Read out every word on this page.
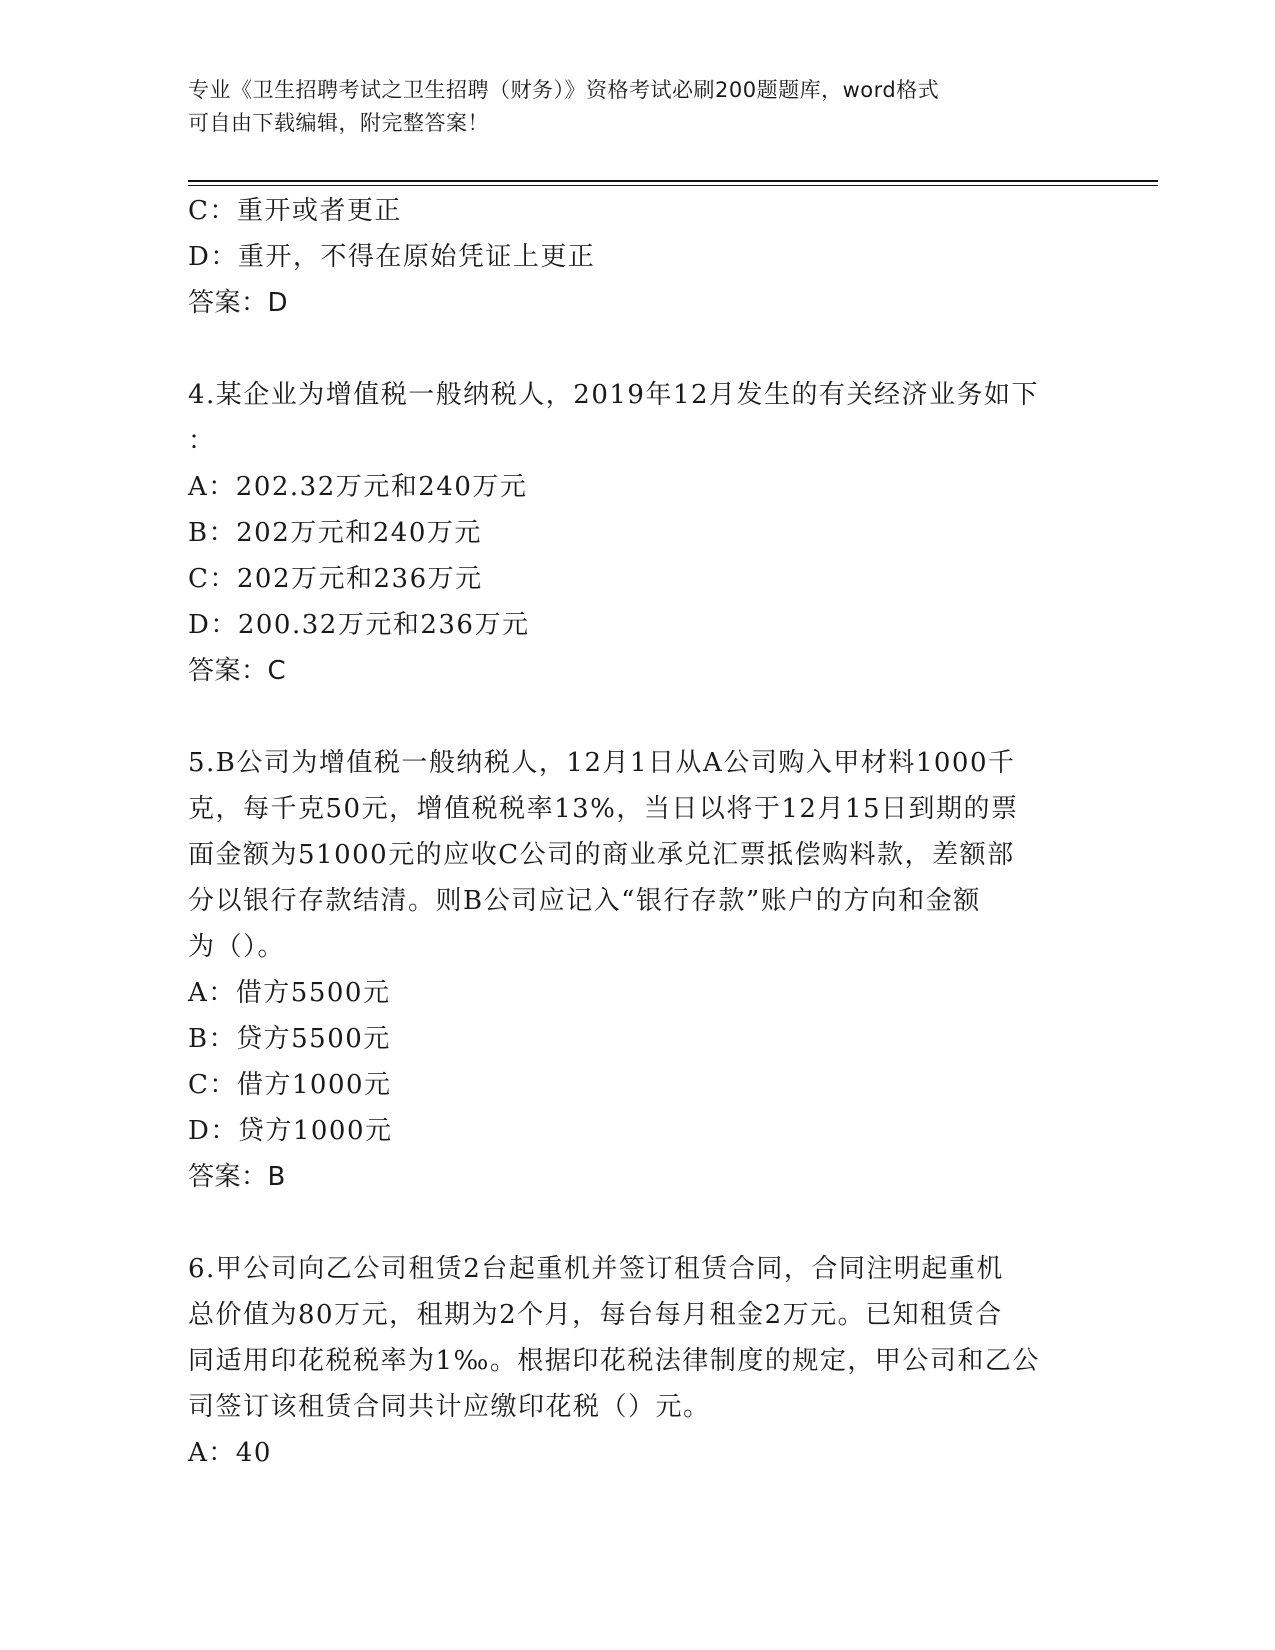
专业《卫生招聘考试之卫生招聘（财务）》资格考试必刷200题题库，word格式
可自由下载编辑，附完整答案！
C：重开或者更正
D：重开，不得在原始凭证上更正
答案：D
4.某企业为增值税一般纳税人，2019年12月发生的有关经济业务如下
：
A：202.32万元和240万元
B：202万元和240万元
C：202万元和236万元
D：200.32万元和236万元
答案：C
5.B公司为增值税一般纳税人，12月1日从A公司购入甲材料1000千
克，每千克50元，增值税税率13%，当日以将于12月15日到期的票
面金额为51000元的应收C公司的商业承兑汇票抵偿购料款，差额部
分以银行存款结清。则B公司应记入“银行存款”账户的方向和金额
为（）。
A：借方5500元
B：贷方5500元
C：借方1000元
D：贷方1000元
答案：B
6.甲公司向乙公司租赁2台起重机并签订租赁合同，合同注明起重机
总价值为80万元，租期为2个月，每台每月租金2万元。已知租赁合
同适用印花税税率为1‰。根据印花税法律制度的规定，甲公司和乙公
司签订该租赁合同共计应缴印花税（）元。
A：40
